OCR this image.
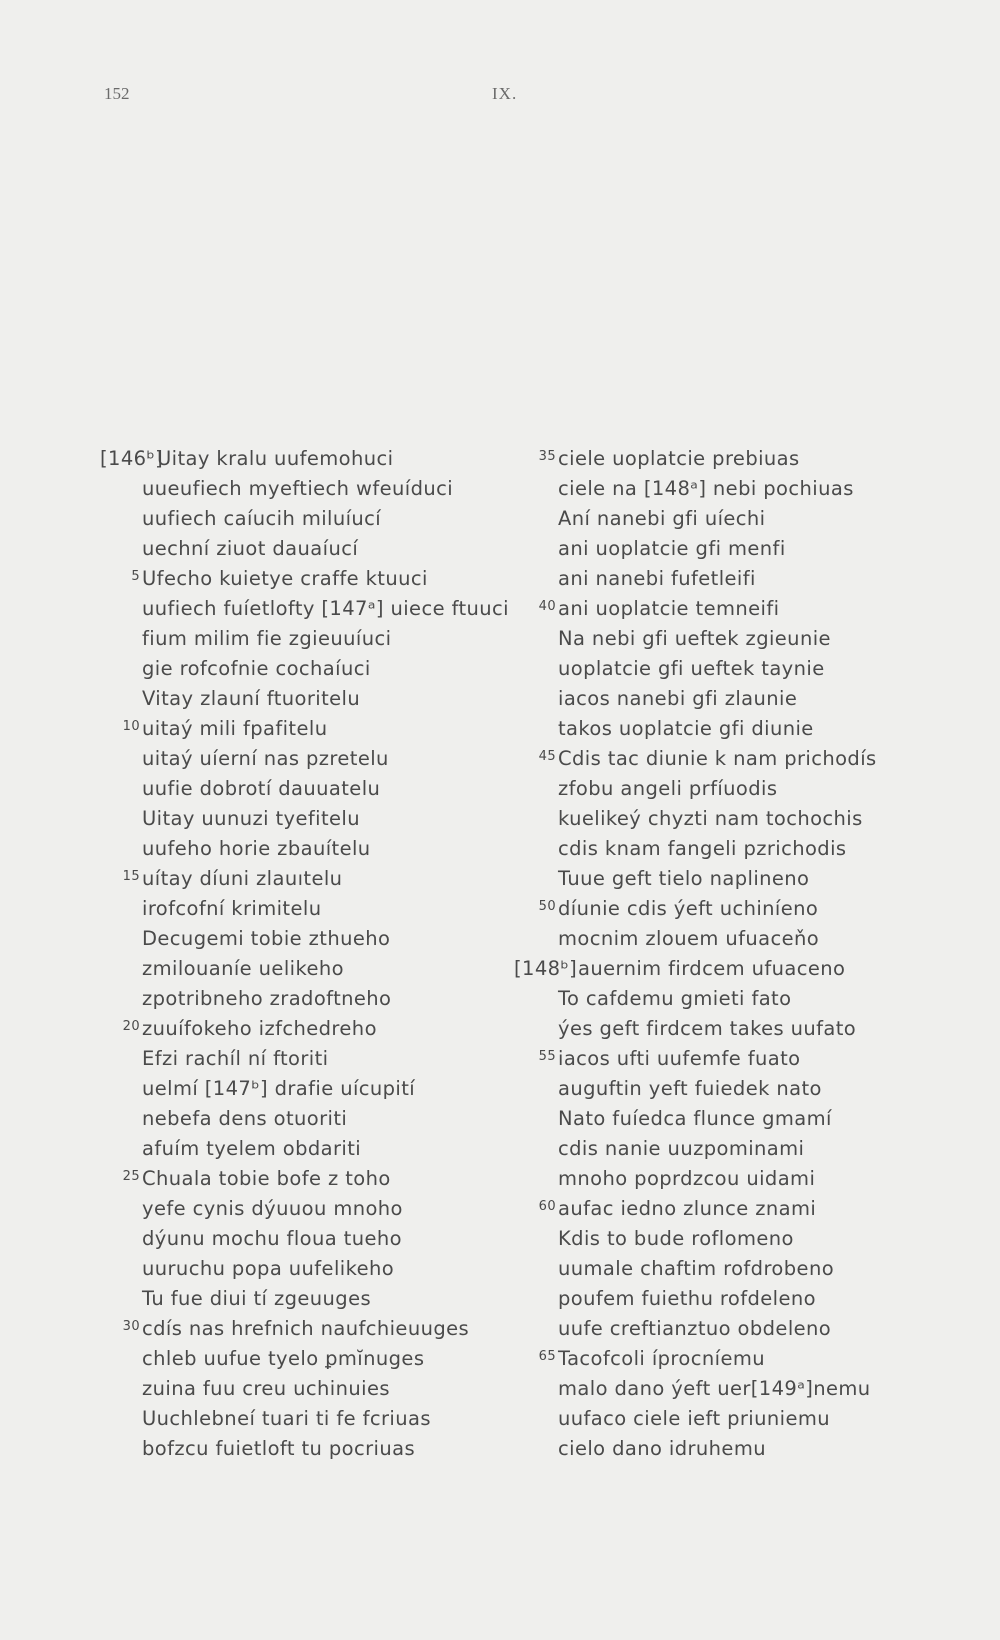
152	IX.
[146ᵇ]
Uitay kralu uufemohuci
uueufiech myeftiech wfeuíduci
uufiech caíucih miluíucí
uechní ziuot dauaíucí
5 Ufecho kuietye craffe ktuuci
uufiech fuíetlofty [147ᵃ] uiece ftuuci
fium milim fie zgieuuíuci
gie rofcofnie cochaíuci
Vitay zlauní ftuoritelu
10 uitaý mili fpafitelu
uitaý uíerní nas pzretelu
uufie dobrotí dauuatelu
Uitay uunuzi tyefitelu
uufeho horie zbauítelu
15 uítay díuni zlauıtelu
irofcofní krimitelu
Decugemi tobie zthueho
zmilouaníe uelikeho
zpotribneho zradoftneho
20 zuuífokeho izfchedreho
Efzi rachíl ní ftoriti
uelmí [147ᵇ] drafie uícupití
nebefa dens otuoriti
afuím tyelem obdariti
25 Chuala tobie bofe z toho
yefe cynis dýuuou mnoho
dýunu mochu floua tueho
uuruchu popa uufelikeho
Tu fue diui tí zgeuuges
30 cdís nas hrefnich naufchieuuges
chleb uufue tyelo ꝑmĭnuges
zuina fuu creu uchinuies
Uuchlebneí tuari ti fe fcriuas
bofzcu fuietloft tu pocriuas
35 ciele uoplatcie prebiuas
ciele na [148ᵃ] nebi pochiuas
Aní nanebi gfi uíechi
ani uoplatcie gfi menfi
ani nanebi fufetleifi
40 ani uoplatcie temneifi
Na nebi gfi ueftek zgieunie
uoplatcie gfi ueftek taynie
iacos nanebi gfi zlaunie
takos uoplatcie gfi diunie
45 Cdis tac diunie k nam prichodís
zfobu angeli prfíuodis
kuelikeý chyzti nam tochochis
cdis knam fangeli pzrichodis
Tuue geft tielo naplineno
50 díunie cdis ýeft uchiníeno
mocnim zlouem ufuaceňo
[148ᵇ] auernim firdcem ufuaceno
To cafdemu gmieti fato
ýes geft firdcem takes uufato
55 iacos ufti uufemfe fuato
auguftin yeft fuiedek nato
Nato fuíedca flunce gmamí
cdis nanie uuzpominami
mnoho poprdzcou uidami
60 aufac iedno zlunce znami
Kdis to bude roflomeno
uumale chaftim rofdrobeno
poufem fuiethu rofdeleno
uufe creftianztuo obdeleno
65 Tacofcoli íprocníemu
malo dano ýeft uer[149ᵃ]nemu
uufaco ciele ieft priuniemu
cielo dano idruhemu
